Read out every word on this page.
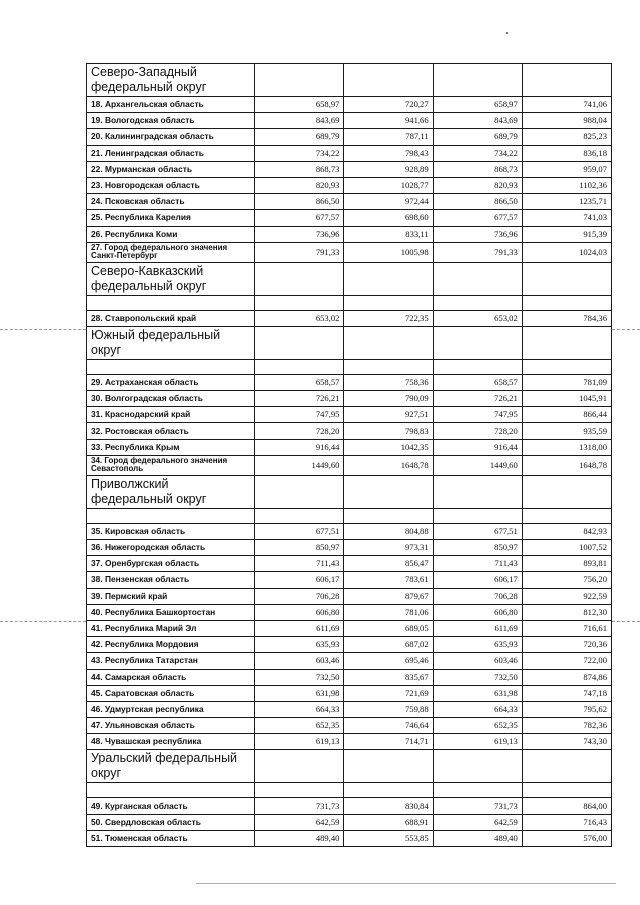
Северо-Западный федеральный округ				
18. Архангельская область	658,97	720,27	658,97	741,06
19. Вологодская область	843,69	941,66	843,69	988,04
20. Калининградская область	689,79	787,11	689,79	825,23
21. Ленинградская область	734,22	798,43	734,22	836,18
22. Мурманская область	868,73	928,89	868,73	959,07
23. Новгородская область	820,93	1028,77	820,93	1102,36
24. Псковская область	866,50	972,44	866,50	1235,71
25. Республика Карелия	677,57	698,60	677,57	741,03
26. Республика Коми	736,96	833,11	736,96	915,39
27. Город федерального значения Санкт-Петербург	791,33	1005,98	791,33	1024,03
Северо-Кавказский федеральный округ				

28. Ставропольский край	653,02	722,35	653,02	784,36
Южный федеральный округ				

29. Астраханская область	658,57	758,36	658,57	781,09
30. Волгоградская область	726,21	790,09	726,21	1045,91
31. Краснодарский край	747,95	927,51	747,95	866,44
32. Ростовская область	728,20	798,83	728,20	935,59
33. Республика Крым	916,44	1042,35	916,44	1318,00
34. Город федерального значения Севастополь	1449,60	1648,78	1449,60	1648,78
Приволжский федеральный округ				

35. Кировская область	677,51	804,88	677,51	842,93
36. Нижегородская область	850,97	973,31	850,97	1007,52
37. Оренбургская область	711,43	856,47	711,43	893,81
38. Пензенская область	606,17	783,61	606,17	756,20
39. Пермский край	706,28	879,67	706,28	922,59
40. Республика Башкортостан	606,80	781,06	606,80	812,30
41. Республика Марий Эл	611,69	689,05	611,69	716,61
42. Республика Мордовия	635,93	687,02	635,93	720,36
43. Республика Татарстан	603,46	695,46	603,46	722,00
44. Самарская область	732,50	835,67	732,50	874,86
45. Саратовская область	631,98	721,69	631,98	747,18
46. Удмуртская республика	664,33	759,88	664,33	795,62
47. Ульяновская область	652,35	746,64	652,35	782,36
48. Чувашская республика	619,13	714,71	619,13	743,30
Уральский федеральный округ				

49. Курганская область	731,73	830,84	731,73	864,00
50. Свердловская область	642,59	688,91	642,59	716,43
51. Тюменская область	489,40	553,85	489,40	576,00
